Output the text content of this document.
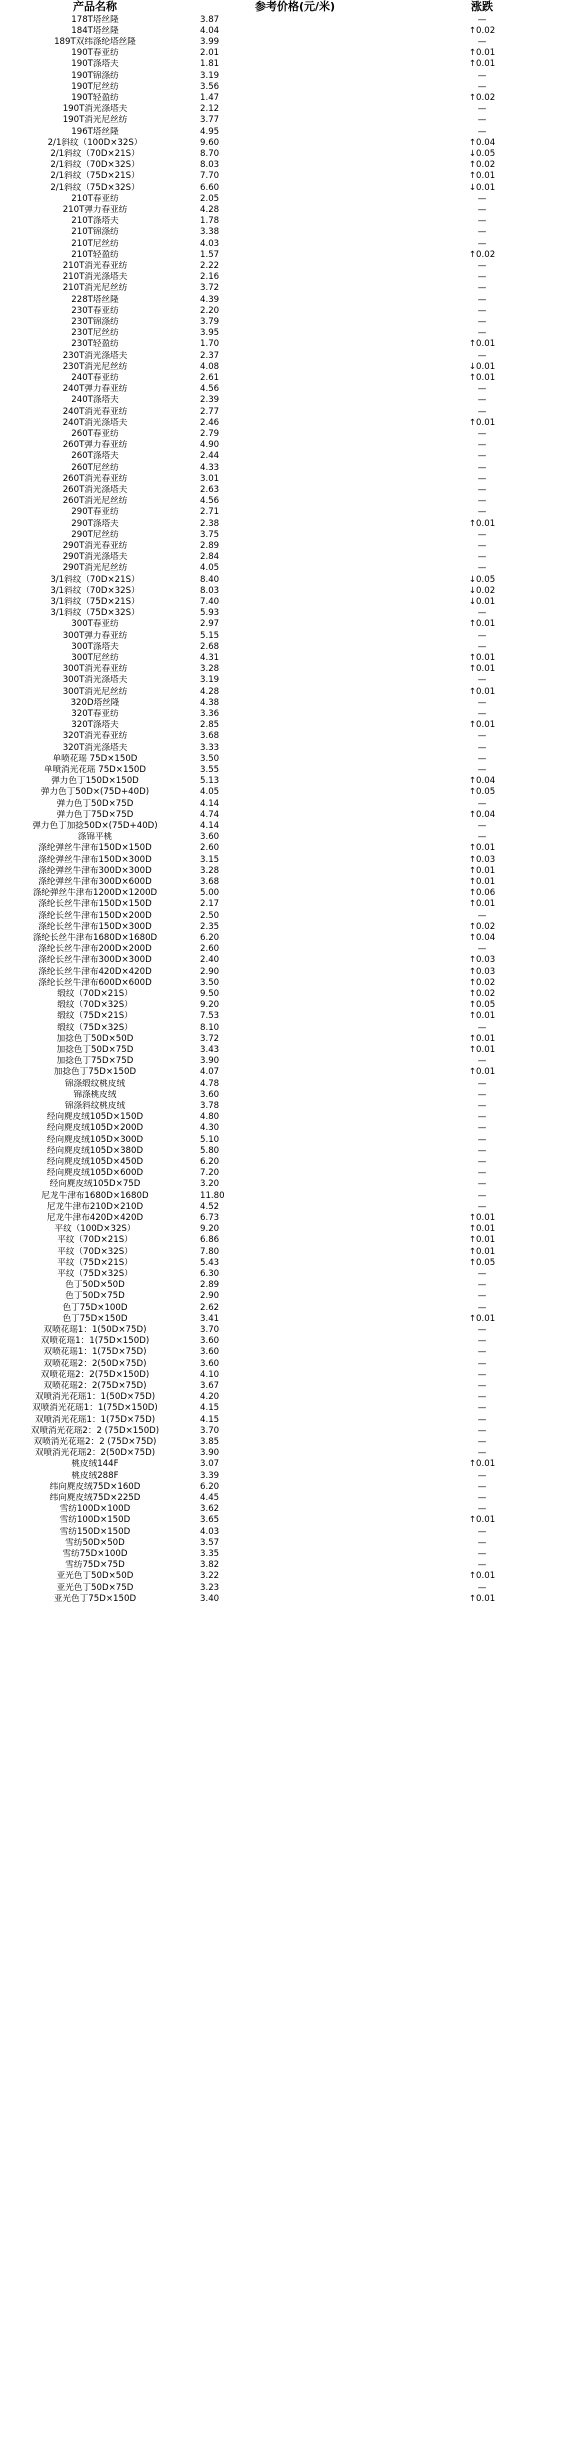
产品名称	参考价格(元/米)	涨跌
178T塔丝隆	3.87	—
184T塔丝隆	4.04	↑0.02
189T双纬涤纶塔丝隆	3.99	—
190T春亚纺	2.01	↑0.01
190T涤塔夫	1.81	↑0.01
190T锦涤纺	3.19	—
190T尼丝纺	3.56	—
190T轻盈纺	1.47	↑0.02
190T消光涤塔夫	2.12	—
190T消光尼丝纺	3.77	—
196T塔丝隆	4.95	—
2/1斜纹（100D×32S）	9.60	↑0.04
2/1斜纹（70D×21S）	8.70	↓0.05
2/1斜纹（70D×32S）	8.03	↑0.02
2/1斜纹（75D×21S）	7.70	↑0.01
2/1斜纹（75D×32S）	6.60	↓0.01
210T春亚纺	2.05	—
210T弹力春亚纺	4.28	—
210T涤塔夫	1.78	—
210T锦涤纺	3.38	—
210T尼丝纺	4.03	—
210T轻盈纺	1.57	↑0.02
210T消光春亚纺	2.22	—
210T消光涤塔夫	2.16	—
210T消光尼丝纺	3.72	—
228T塔丝隆	4.39	—
230T春亚纺	2.20	—
230T锦涤纺	3.79	—
230T尼丝纺	3.95	—
230T轻盈纺	1.70	↑0.01
230T消光涤塔夫	2.37	—
230T消光尼丝纺	4.08	↓0.01
240T春亚纺	2.61	↑0.01
240T弹力春亚纺	4.56	—
240T涤塔夫	2.39	—
240T消光春亚纺	2.77	—
240T消光涤塔夫	2.46	↑0.01
260T春亚纺	2.79	—
260T弹力春亚纺	4.90	—
260T涤塔夫	2.44	—
260T尼丝纺	4.33	—
260T消光春亚纺	3.01	—
260T消光涤塔夫	2.63	—
260T消光尼丝纺	4.56	—
290T春亚纺	2.71	—
290T涤塔夫	2.38	↑0.01
290T尼丝纺	3.75	—
290T消光春亚纺	2.89	—
290T消光涤塔夫	2.84	—
290T消光尼丝纺	4.05	—
3/1斜纹（70D×21S）	8.40	↓0.05
3/1斜纹（70D×32S）	8.03	↓0.02
3/1斜纹（75D×21S）	7.40	↓0.01
3/1斜纹（75D×32S）	5.93	—
300T春亚纺	2.97	↑0.01
300T弹力春亚纺	5.15	—
300T涤塔夫	2.68	—
300T尼丝纺	4.31	↑0.01
300T消光春亚纺	3.28	↑0.01
300T消光涤塔夫	3.19	—
300T消光尼丝纺	4.28	↑0.01
320D塔丝隆	4.38	—
320T春亚纺	3.36	—
320T涤塔夫	2.85	↑0.01
320T消光春亚纺	3.68	—
320T消光涤塔夫	3.33	—
单喷花瑶 75D×150D	3.50	—
单喷消光花瑶 75D×150D	3.55	—
弹力色丁150D×150D	5.13	↑0.04
弹力色丁50D×(75D+40D)	4.05	↑0.05
弹力色丁50D×75D	4.14	—
弹力色丁75D×75D	4.74	↑0.04
弹力色丁加捻50D×(75D+40D)	4.14	—
涤锦平桃	3.60	—
涤纶弹丝牛津布150D×150D	2.60	↑0.01
涤纶弹丝牛津布150D×300D	3.15	↑0.03
涤纶弹丝牛津布300D×300D	3.28	↑0.01
涤纶弹丝牛津布300D×600D	3.68	↑0.01
涤纶弹丝牛津布1200D×1200D	5.00	↑0.06
涤纶长丝牛津布150D×150D	2.17	↑0.01
涤纶长丝牛津布150D×200D	2.50	—
涤纶长丝牛津布150D×300D	2.35	↑0.02
涤纶长丝牛津布1680D×1680D	6.20	↑0.04
涤纶长丝牛津布200D×200D	2.60	—
涤纶长丝牛津布300D×300D	2.40	↑0.03
涤纶长丝牛津布420D×420D	2.90	↑0.03
涤纶长丝牛津布600D×600D	3.50	↑0.02
缎纹（70D×21S）	9.50	↑0.02
缎纹（70D×32S）	9.20	↑0.05
缎纹（75D×21S）	7.53	↑0.01
缎纹（75D×32S）	8.10	—
加捻色丁50D×50D	3.72	↑0.01
加捻色丁50D×75D	3.43	↑0.01
加捻色丁75D×75D	3.90	—
加捻色丁75D×150D	4.07	↑0.01
锦涤缎纹桃皮绒	4.78	—
锦涤桃皮绒	3.60	—
锦涤斜纹桃皮绒	3.78	—
经向麂皮绒105D×150D	4.80	—
经向麂皮绒105D×200D	4.30	—
经向麂皮绒105D×300D	5.10	—
经向麂皮绒105D×380D	5.80	—
经向麂皮绒105D×450D	6.20	—
经向麂皮绒105D×600D	7.20	—
经向麂皮绒105D×75D	3.20	—
尼龙牛津布1680D×1680D	11.80	—
尼龙牛津布210D×210D	4.52	—
尼龙牛津布420D×420D	6.73	↑0.01
平纹（100D×32S）	9.20	↑0.01
平纹（70D×21S）	6.86	↑0.01
平纹（70D×32S）	7.80	↑0.01
平纹（75D×21S）	5.43	↑0.05
平纹（75D×32S）	6.30	—
色丁50D×50D	2.89	—
色丁50D×75D	2.90	—
色丁75D×100D	2.62	—
色丁75D×150D	3.41	↑0.01
双喷花瑶1：1(50D×75D)	3.70	—
双喷花瑶1：1(75D×150D)	3.60	—
双喷花瑶1：1(75D×75D)	3.60	—
双喷花瑶2：2(50D×75D)	3.60	—
双喷花瑶2：2(75D×150D)	4.10	—
双喷花瑶2：2(75D×75D)	3.67	—
双喷消光花瑶1：1(50D×75D)	4.20	—
双喷消光花瑶1：1(75D×150D)	4.15	—
双喷消光花瑶1：1(75D×75D)	4.15	—
双喷消光花瑶2：2 (75D×150D)	3.70	—
双喷消光花瑶2：2 (75D×75D)	3.85	—
双喷消光花瑶2：2(50D×75D)	3.90	—
桃皮绒144F	3.07	↑0.01
桃皮绒288F	3.39	—
纬向麂皮绒75D×160D	6.20	—
纬向麂皮绒75D×225D	4.45	—
雪纺100D×100D	3.62	—
雪纺100D×150D	3.65	↑0.01
雪纺150D×150D	4.03	—
雪纺50D×50D	3.57	—
雪纺75D×100D	3.35	—
雪纺75D×75D	3.82	—
亚光色丁50D×50D	3.22	↑0.01
亚光色丁50D×75D	3.23	—
亚光色丁75D×150D	3.40	↑0.01
